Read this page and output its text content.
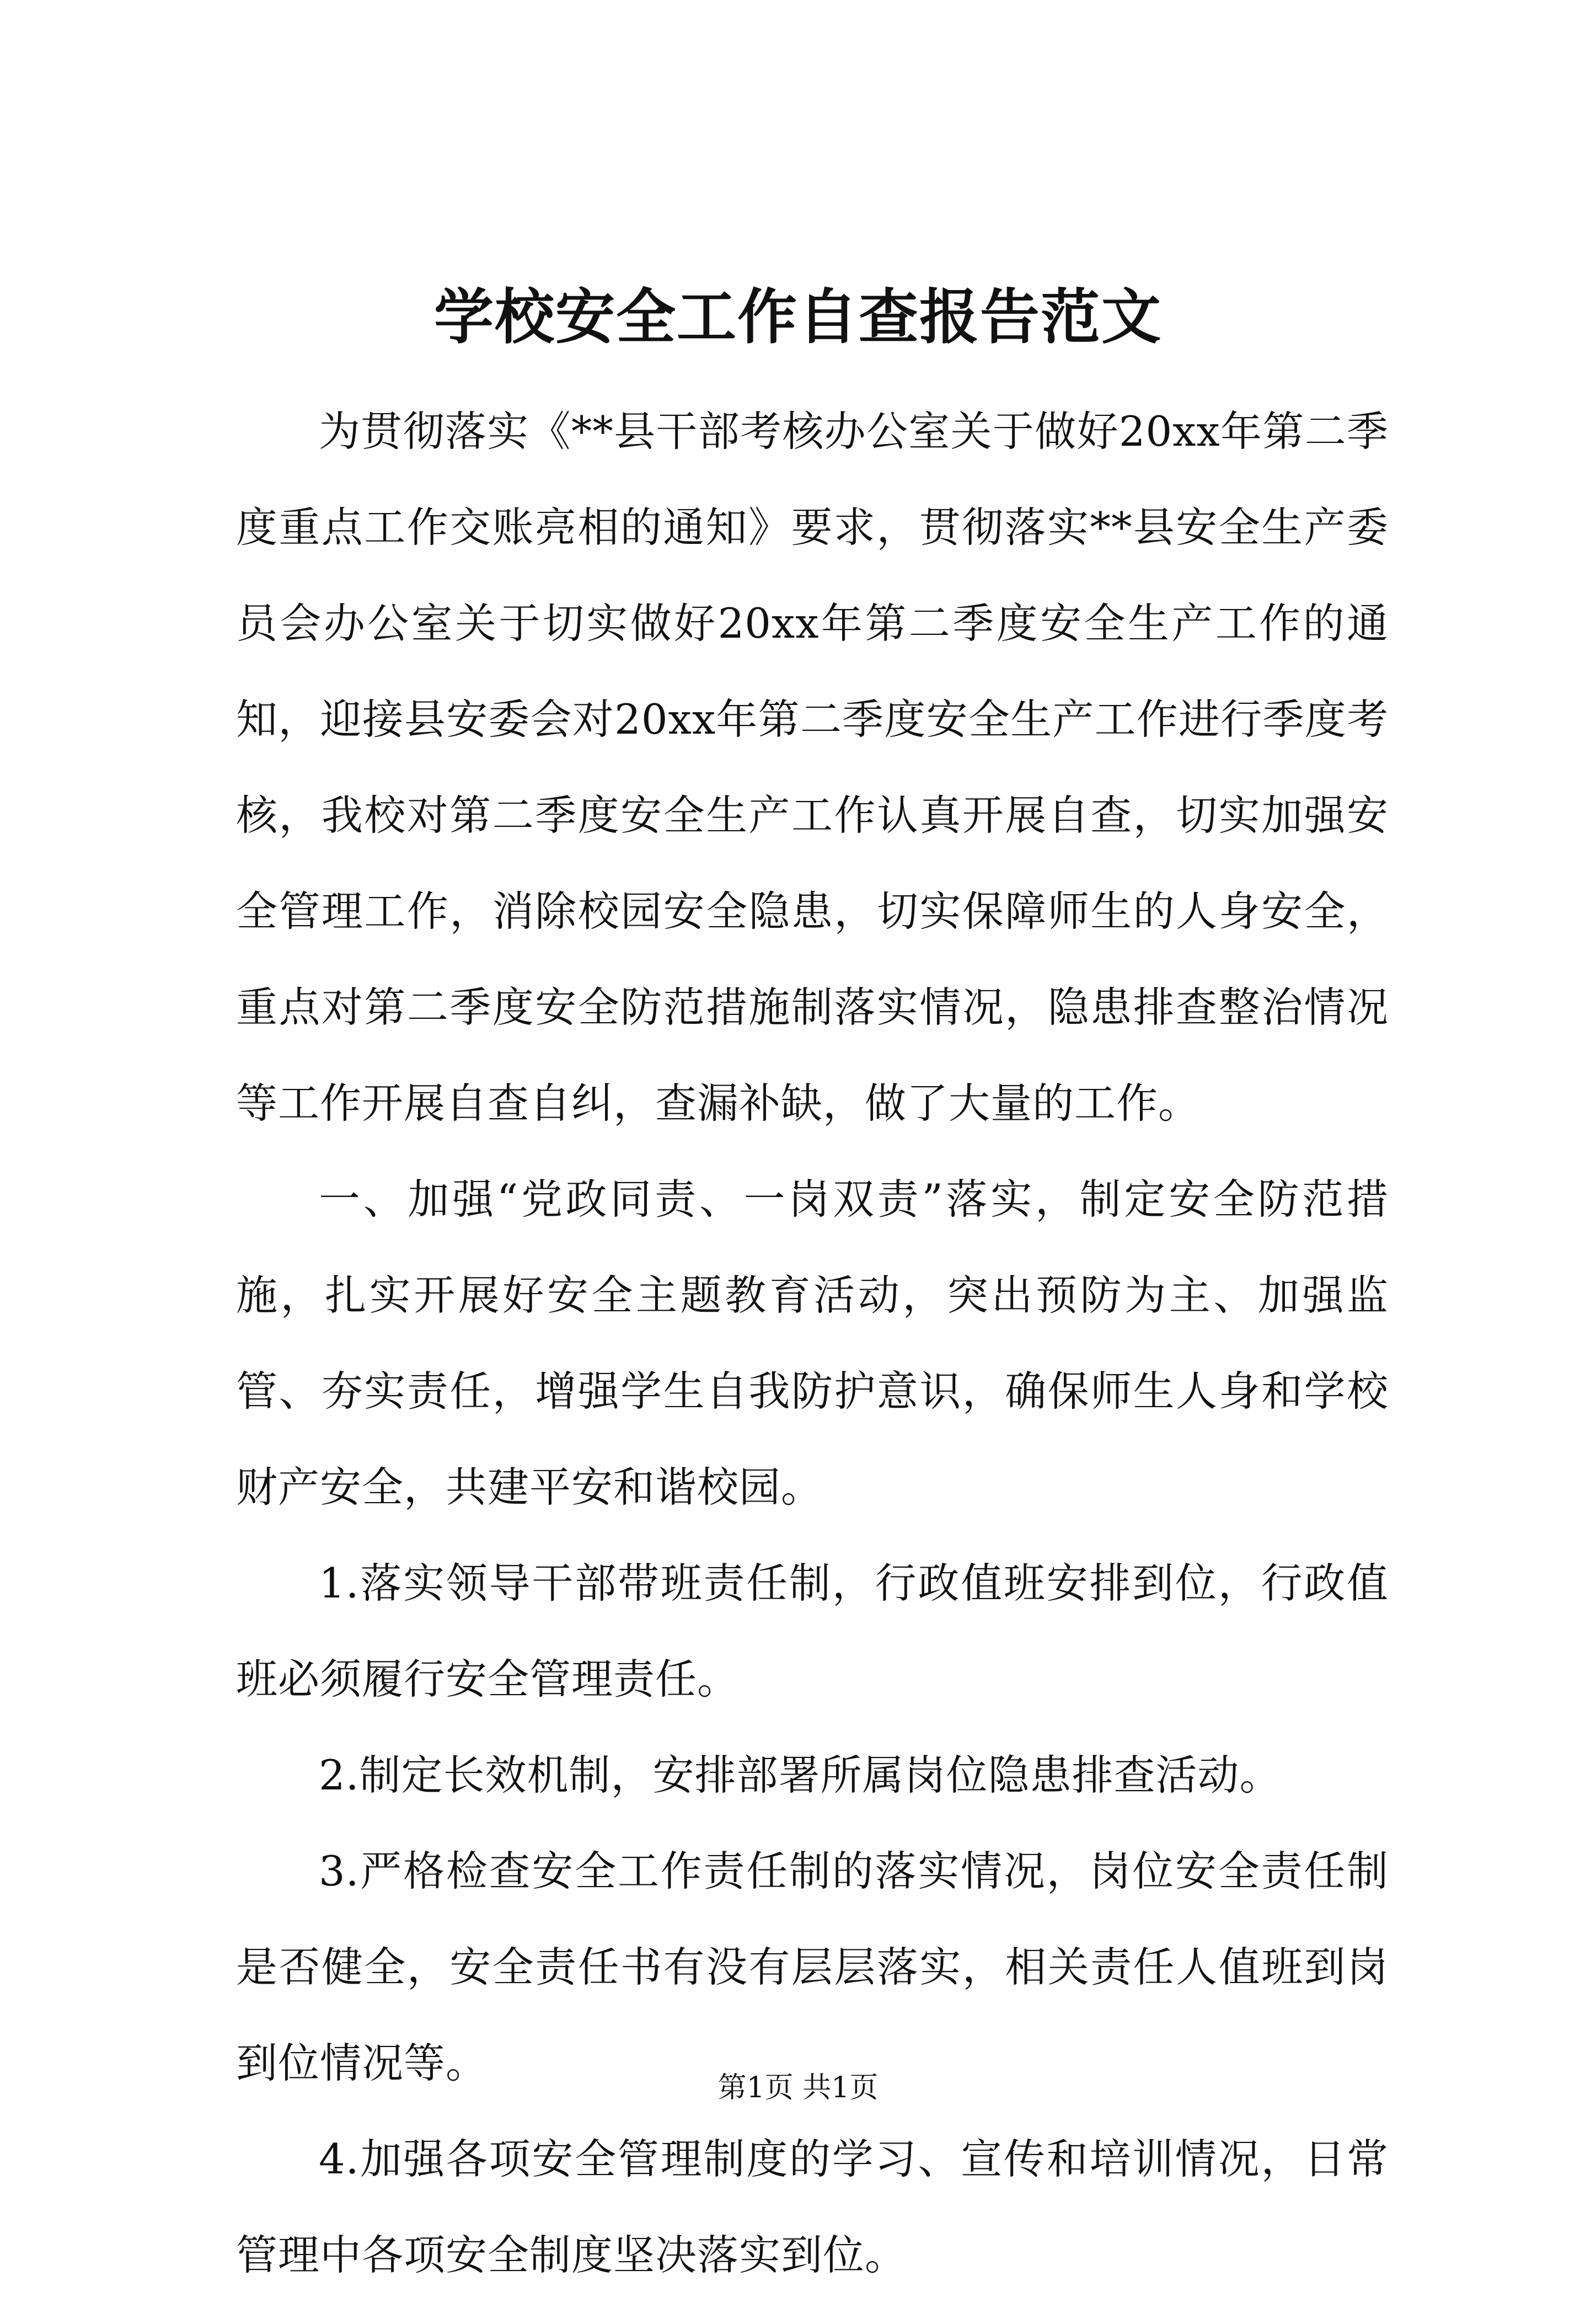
学校安全工作自查报告范文

为贯彻落实《**县干部考核办公室关于做好20xx年第二季度重点工作交账亮相的通知》要求，贯彻落实**县安全生产委员会办公室关于切实做好20xx年第二季度安全生产工作的通知，迎接县安委会对20xx年第二季度安全生产工作进行季度考核，我校对第二季度安全生产工作认真开展自查，切实加强安全管理工作，消除校园安全隐患，切实保障师生的人身安全，重点对第二季度安全防范措施制落实情况，隐患排查整治情况等工作开展自查自纠，查漏补缺，做了大量的工作。

一、加强“党政同责、一岗双责”落实，制定安全防范措施，扎实开展好安全主题教育活动，突出预防为主、加强监管、夯实责任，增强学生自我防护意识，确保师生人身和学校财产安全，共建平安和谐校园。

1.落实领导干部带班责任制，行政值班安排到位，行政值班必须履行安全管理责任。

2.制定长效机制，安排部署所属岗位隐患排查活动。

3.严格检查安全工作责任制的落实情况，岗位安全责任制是否健全，安全责任书有没有层层落实，相关责任人值班到岗到位情况等。

4.加强各项安全管理制度的学习、宣传和培训情况，日常管理中各项安全制度坚决落实到位。

第1页 共1页
